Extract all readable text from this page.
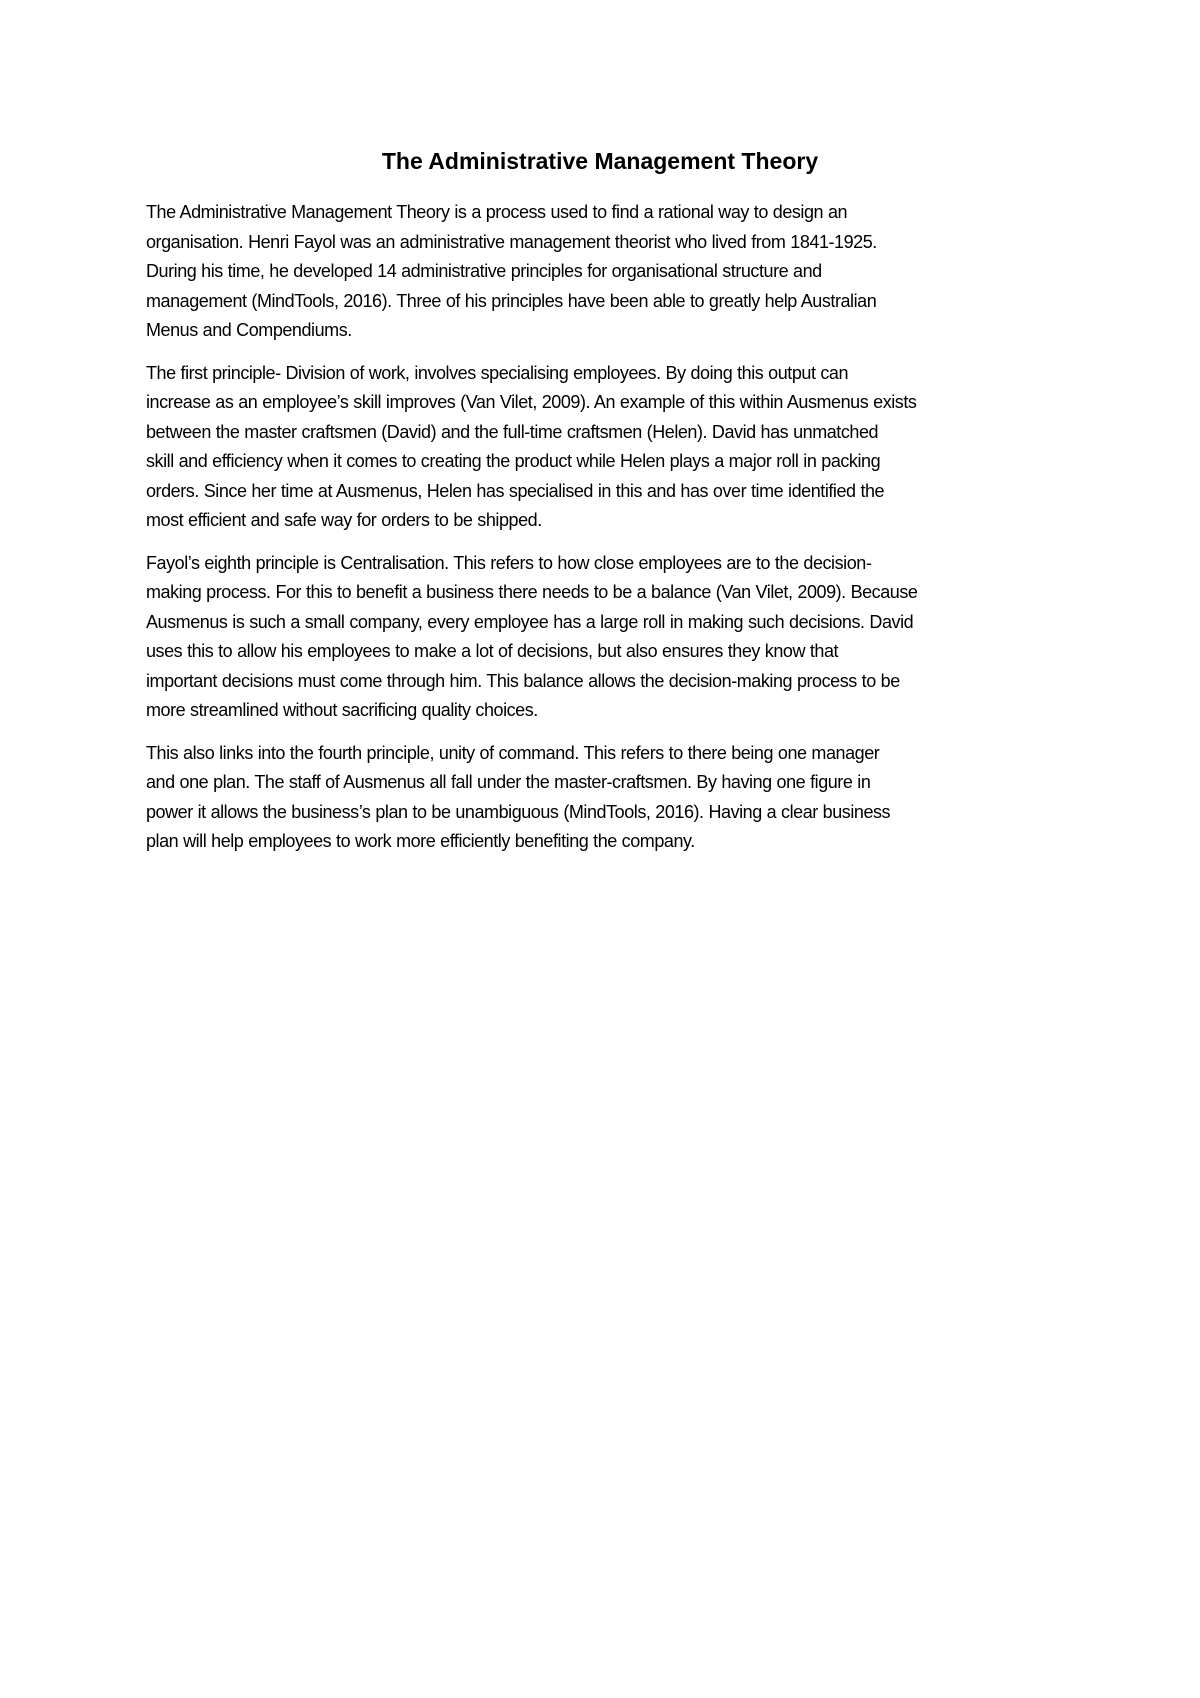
The Administrative Management Theory

The Administrative Management Theory is a process used to find a rational way to design an
organisation. Henri Fayol was an administrative management theorist who lived from 1841-1925.
During his time, he developed 14 administrative principles for organisational structure and
management (MindTools, 2016). Three of his principles have been able to greatly help Australian
Menus and Compendiums.

The first principle- Division of work, involves specialising employees. By doing this output can
increase as an employee’s skill improves (Van Vilet, 2009). An example of this within Ausmenus exists
between the master craftsmen (David) and the full-time craftsmen (Helen). David has unmatched
skill and efficiency when it comes to creating the product while Helen plays a major roll in packing
orders. Since her time at Ausmenus, Helen has specialised in this and has over time identified the
most efficient and safe way for orders to be shipped.

Fayol’s eighth principle is Centralisation. This refers to how close employees are to the decision-
making process. For this to benefit a business there needs to be a balance (Van Vilet, 2009). Because
Ausmenus is such a small company, every employee has a large roll in making such decisions. David
uses this to allow his employees to make a lot of decisions, but also ensures they know that
important decisions must come through him. This balance allows the decision-making process to be
more streamlined without sacrificing quality choices.

This also links into the fourth principle, unity of command. This refers to there being one manager
and one plan. The staff of Ausmenus all fall under the master-craftsmen. By having one figure in
power it allows the business’s plan to be unambiguous (MindTools, 2016). Having a clear business
plan will help employees to work more efficiently benefiting the company.
